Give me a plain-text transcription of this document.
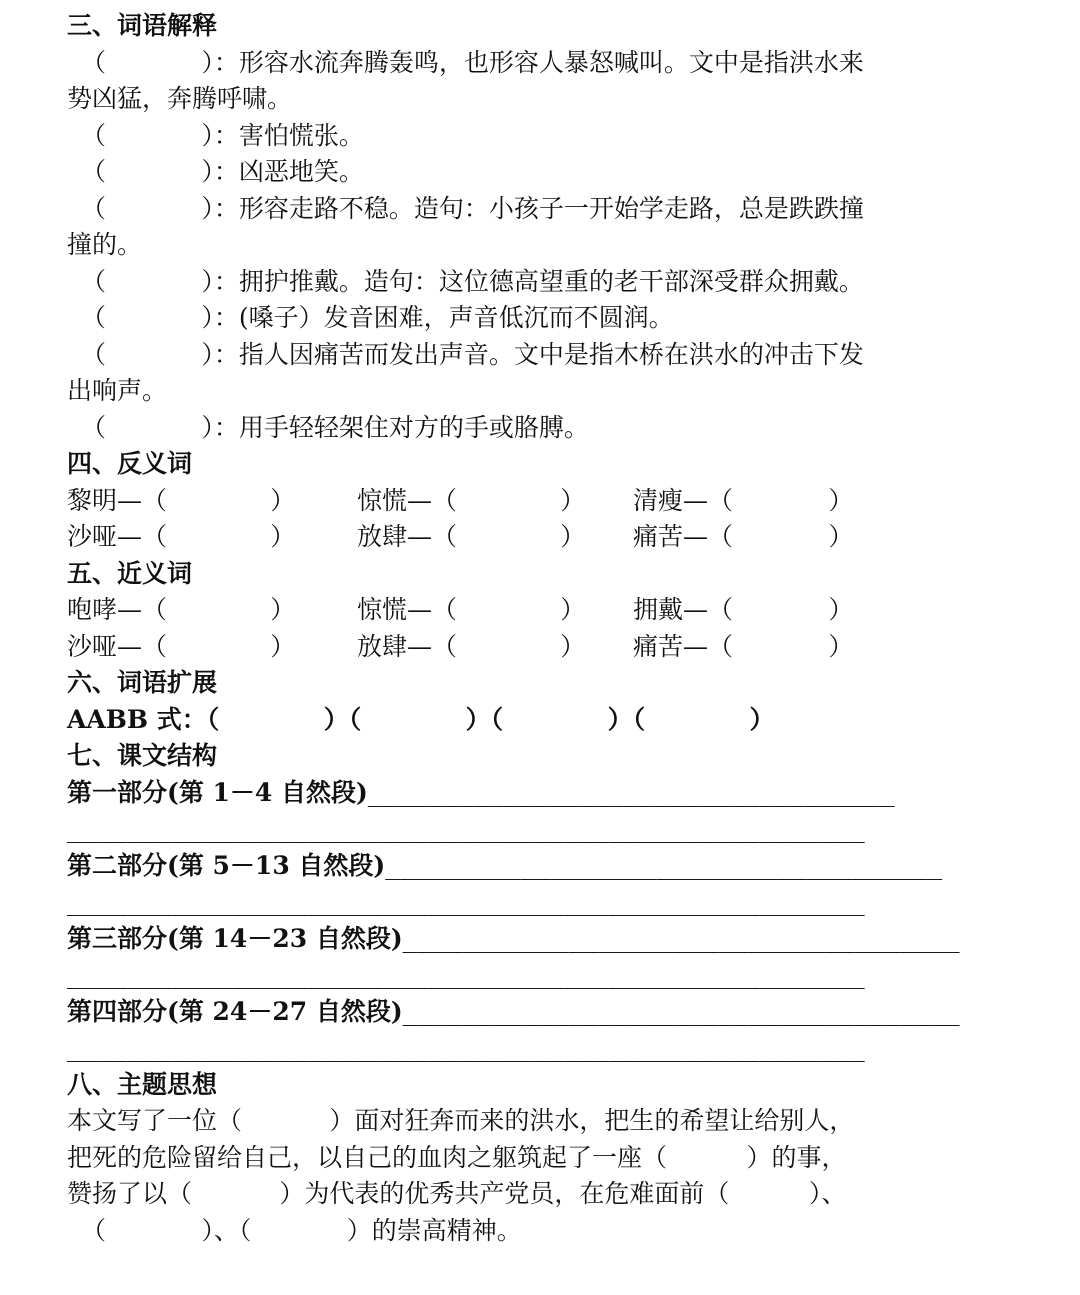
三、词语解释
（            ）：形容水流奔腾轰鸣，也形容人暴怒喊叫。文中是指洪水来
势凶猛，奔腾呼啸。
（            ）：害怕慌张。
（            ）：凶恶地笑。
（            ）：形容走路不稳。造句：小孩子一开始学走路，总是跌跌撞
撞的。
（            ）：拥护推戴。造句：这位德高望重的老干部深受群众拥戴。
（            ）：(嗓子）发音困难，声音低沉而不圆润。
（            ）：指人因痛苦而发出声音。文中是指木桥在洪水的冲击下发
出响声。
（            ）：用手轻轻架住对方的手或胳膊。
四、反义词
黎明—（             ） 惊慌—（             ） 清瘦—（            ）
沙哑—（             ） 放肆—（             ） 痛苦—（            ）
五、近义词
咆哮—（             ） 惊慌—（             ） 拥戴—（            ）
沙哑—（             ） 放肆—（             ） 痛苦—（            ）
六、词语扩展
AABB 式：（            ）（            ）（            ）（            ）
七、课文结构
第一部分(第 1－4 自然段)___________________________________
_____________________________________________________
第二部分(第 5－13 自然段)_____________________________________
_____________________________________________________
第三部分(第 14－23 自然段)_____________________________________
_____________________________________________________
第四部分(第 24－27 自然段)_____________________________________
_____________________________________________________
八、主题思想
本文写了一位（           ）面对狂奔而来的洪水，把生的希望让给别人，
把死的危险留给自己，以自己的血肉之躯筑起了一座（          ）的事，
赞扬了以（           ）为代表的优秀共产党员，在危难面前（          ）、
（            ）、（            ）的崇高精神。
